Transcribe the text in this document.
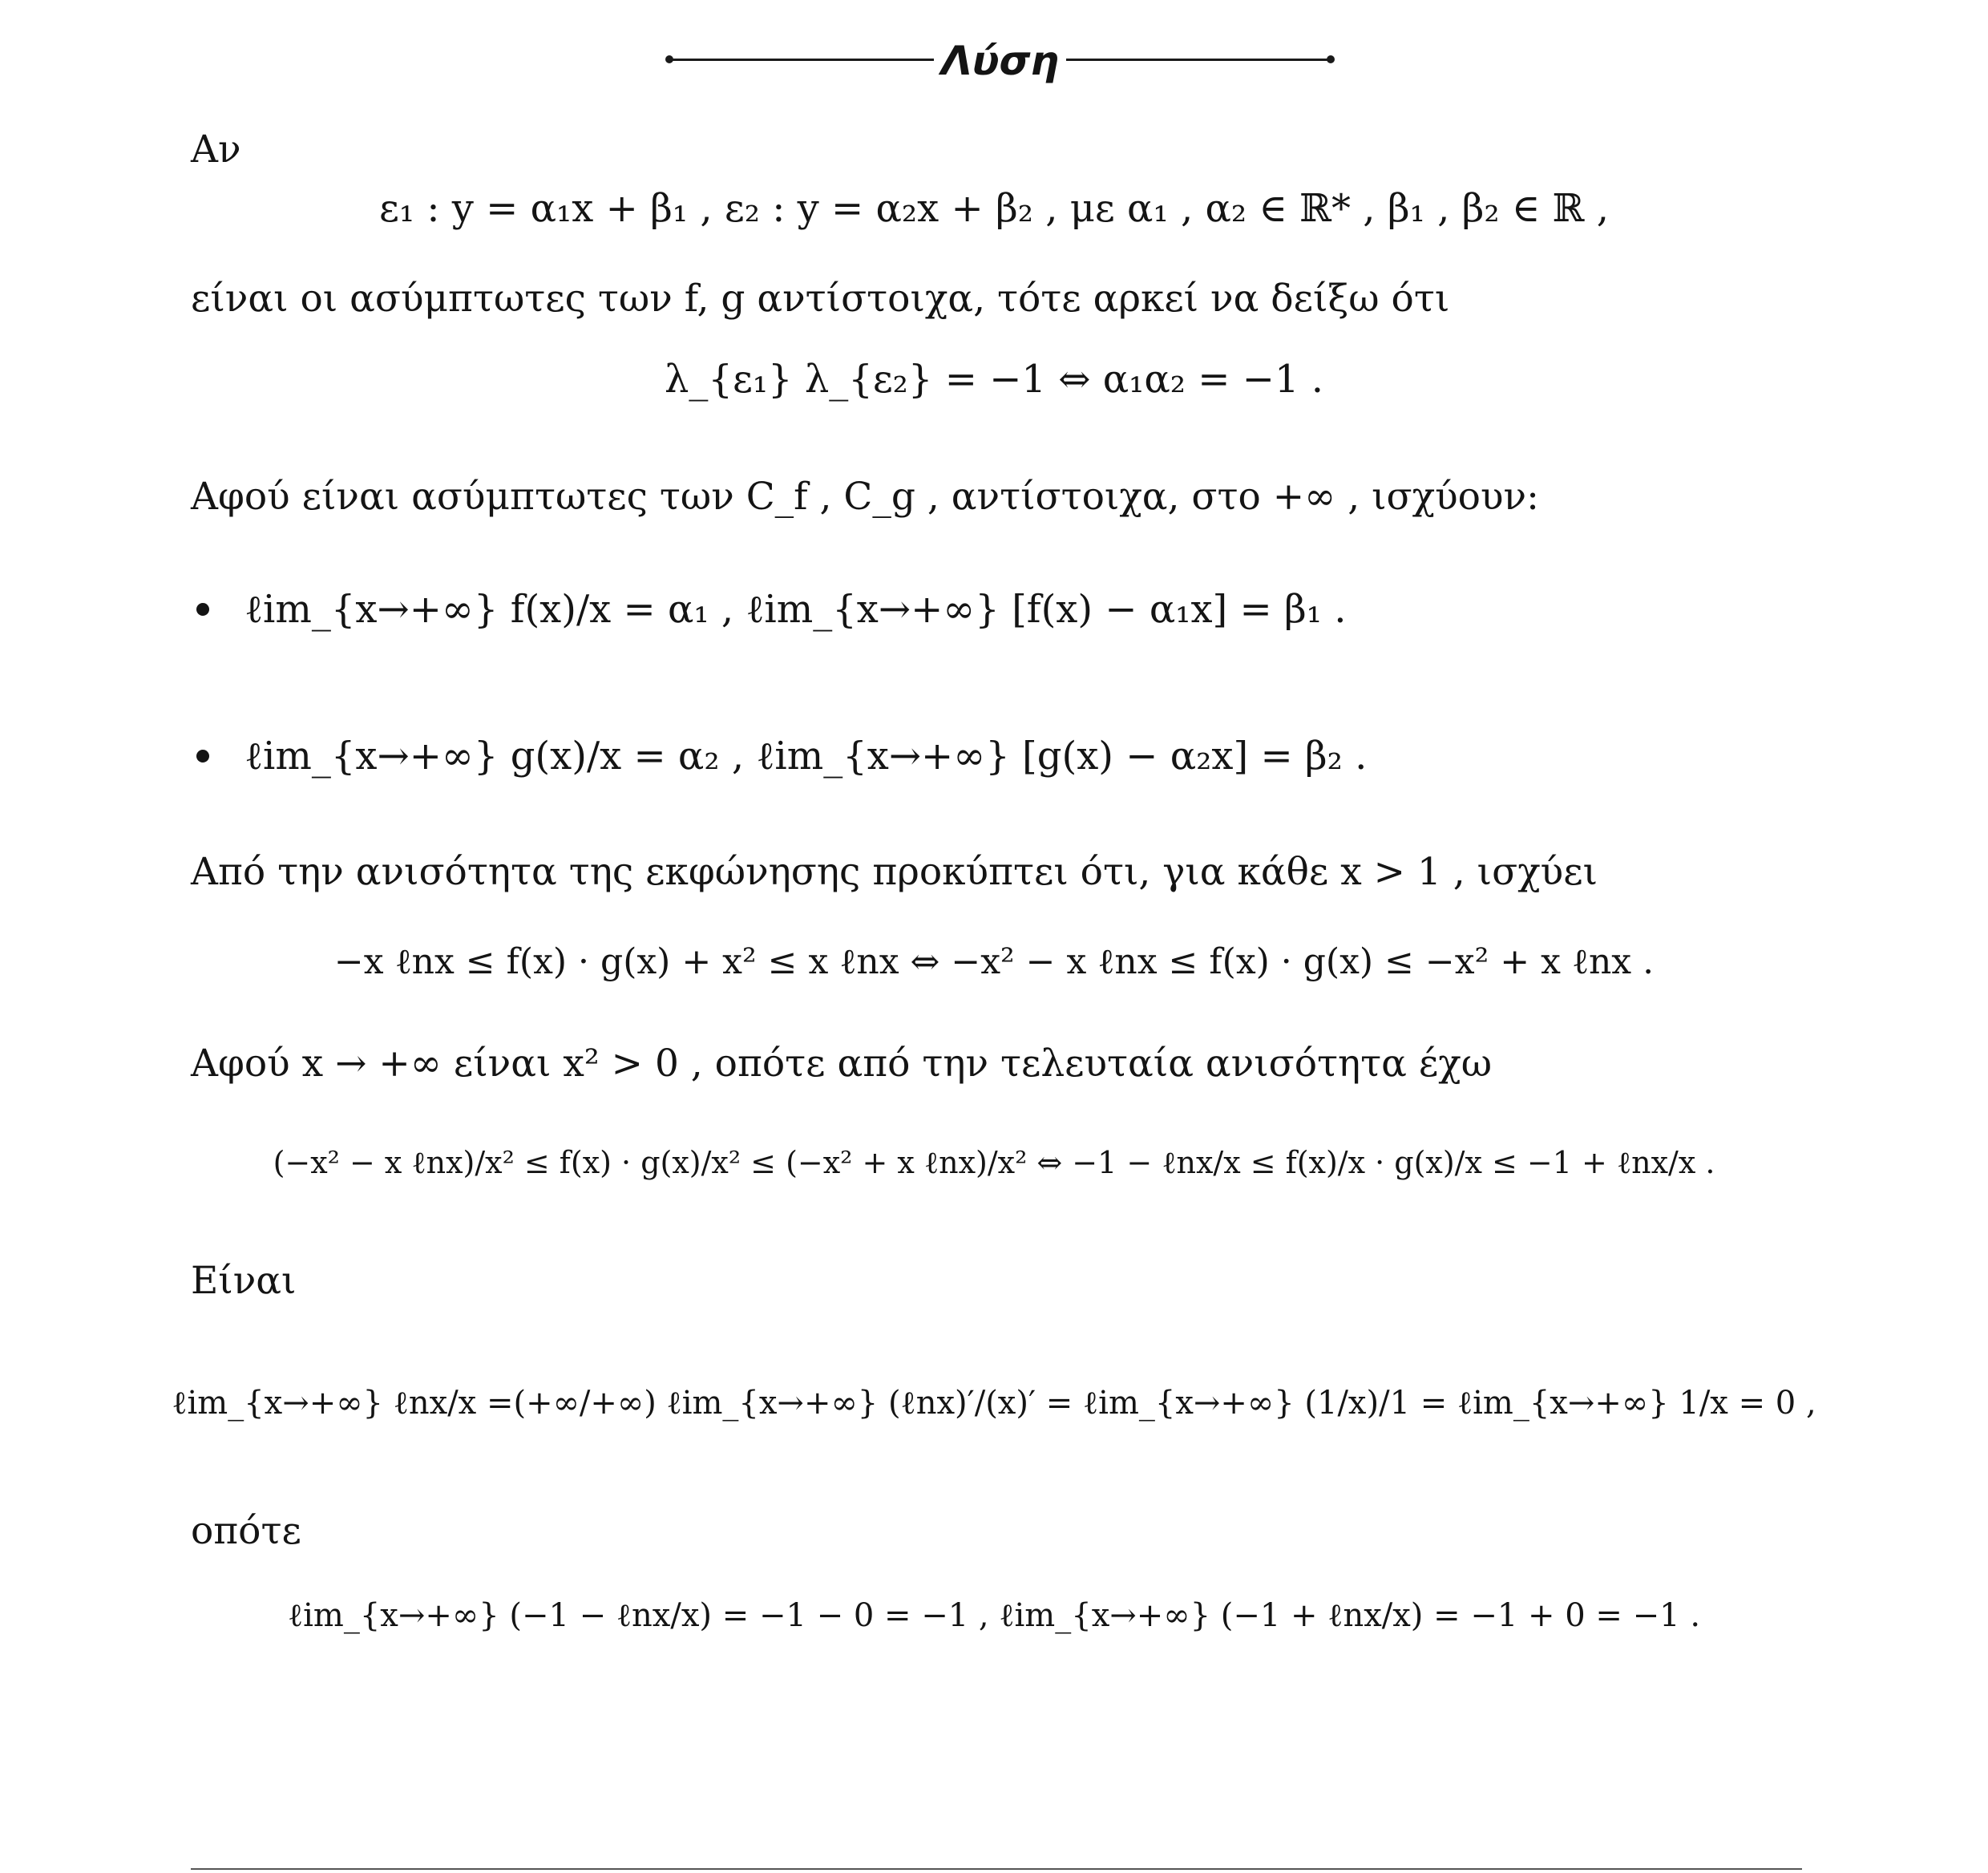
Λύση
Αν
ε₁ : y = α₁x + β₁ , ε₂ : y = α₂x + β₂ , με α₁ , α₂ ∈ ℝ* , β₁ , β₂ ∈ ℝ ,
είναι οι ασύμπτωτες των f, g αντίστοιχα, τότε αρκεί να δείξω ότι
λ_{ε₁} λ_{ε₂} = −1 ⇔ α₁α₂ = −1 .
Αφού είναι ασύμπτωτες των C_f , C_g , αντίστοιχα, στο +∞ , ισχύουν:
ℓim_{x→+∞} f(x)/x = α₁ , ℓim_{x→+∞} [f(x) − α₁x] = β₁ .
ℓim_{x→+∞} g(x)/x = α₂ , ℓim_{x→+∞} [g(x) − α₂x] = β₂ .
Από την ανισότητα της εκφώνησης προκύπτει ότι, για κάθε x > 1 , ισχύει
−x ℓnx ≤ f(x) · g(x) + x² ≤ x ℓnx ⇔ −x² − x ℓnx ≤ f(x) · g(x) ≤ −x² + x ℓnx .
Αφού x → +∞ είναι x² > 0 , οπότε από την τελευταία ανισότητα έχω
(−x² − x ℓnx)/x² ≤ f(x) · g(x)/x² ≤ (−x² + x ℓnx)/x² ⇔ −1 − ℓnx/x ≤ f(x)/x · g(x)/x ≤ −1 + ℓnx/x .
Είναι
ℓim_{x→+∞} ℓnx/x =(+∞/+∞) ℓim_{x→+∞} (ℓnx)′/(x)′ = ℓim_{x→+∞} (1/x)/1 = ℓim_{x→+∞} 1/x = 0 ,
οπότε
ℓim_{x→+∞} (−1 − ℓnx/x) = −1 − 0 = −1 , ℓim_{x→+∞} (−1 + ℓnx/x) = −1 + 0 = −1 .
